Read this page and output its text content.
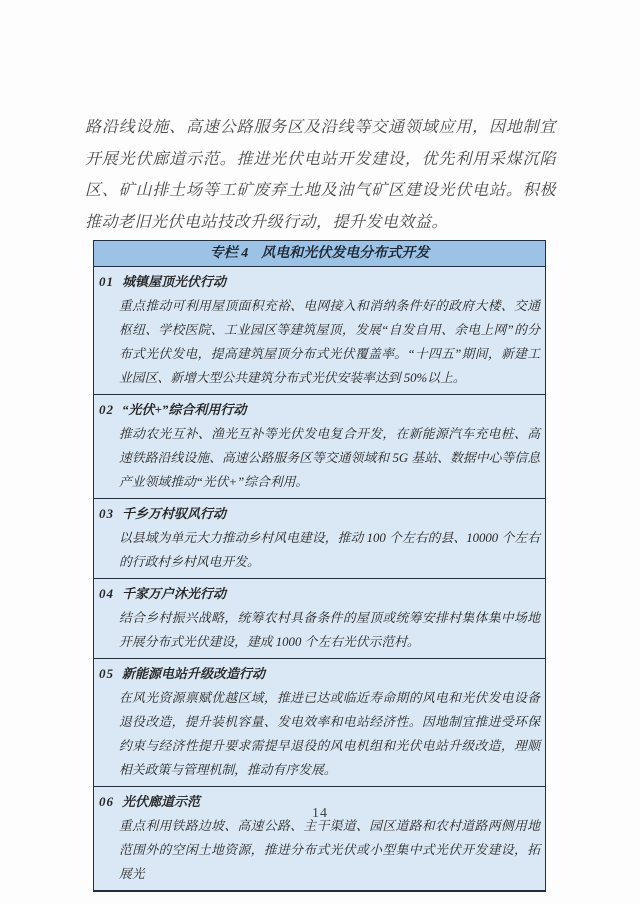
路沿线设施、高速公路服务区及沿线等交通领域应用，因地制宜开展光伏廊道示范。推进光伏电站开发建设，优先利用采煤沉陷区、矿山排土场等工矿废弃土地及油气矿区建设光伏电站。积极推动老旧光伏电站技改升级行动，提升发电效益。

专栏 4 风电和光伏发电分布式开发
01 城镇屋顶光伏行动
重点推动可利用屋顶面积充裕、电网接入和消纳条件好的政府大楼、交通枢纽、学校医院、工业园区等建筑屋顶，发展“自发自用、余电上网”的分布式光伏发电，提高建筑屋顶分布式光伏覆盖率。“十四五”期间，新建工业园区、新增大型公共建筑分布式光伏安装率达到 50%以上。
02 “光伏+”综合利用行动
推动农光互补、渔光互补等光伏发电复合开发，在新能源汽车充电桩、高速铁路沿线设施、高速公路服务区等交通领域和 5G 基站、数据中心等信息产业领域推动“光伏+”综合利用。
03 千乡万村驭风行动
以县域为单元大力推动乡村风电建设，推动 100 个左右的县、10000 个左右的行政村乡村风电开发。
04 千家万户沐光行动
结合乡村振兴战略，统筹农村具备条件的屋顶或统筹安排村集体集中场地开展分布式光伏建设，建成 1000 个左右光伏示范村。
05 新能源电站升级改造行动
在风光资源禀赋优越区域，推进已达或临近寿命期的风电和光伏发电设备退役改造，提升装机容量、发电效率和电站经济性。因地制宜推进受环保约束与经济性提升要求需提早退役的风电机组和光伏电站升级改造，理顺相关政策与管理机制，推动有序发展。
06 光伏廊道示范
重点利用铁路边坡、高速公路、主干渠道、园区道路和农村道路两侧用地范围外的空闲土地资源，推进分布式光伏或小型集中式光伏开发建设，拓展光
14
